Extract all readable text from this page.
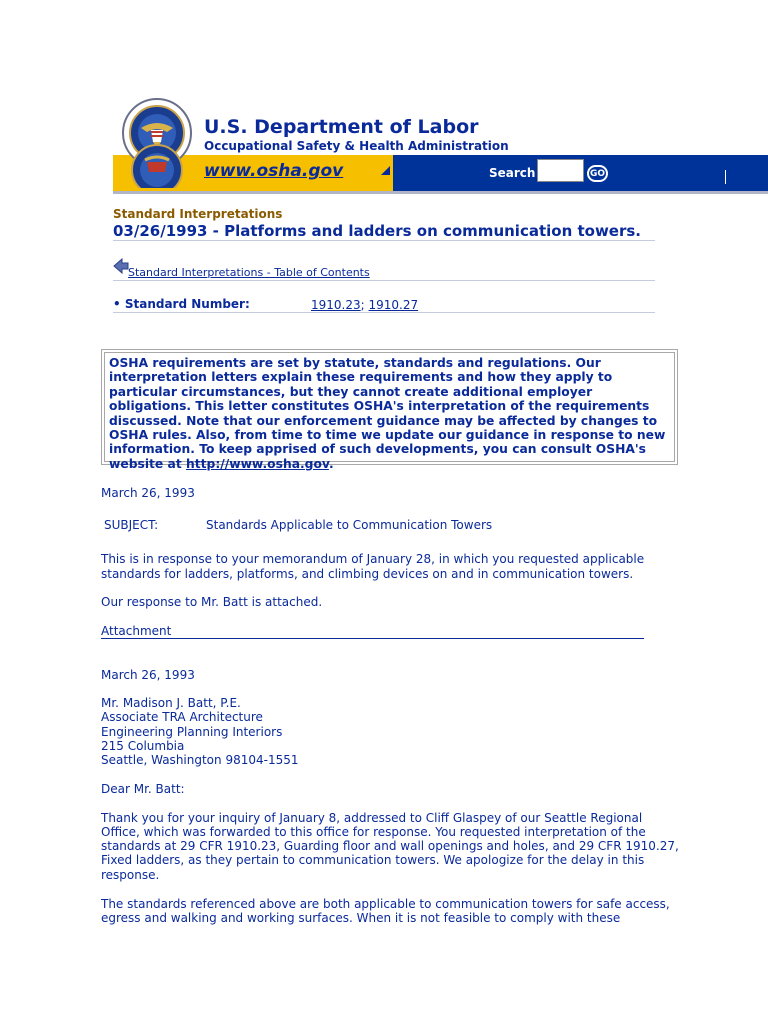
U.S. Department of Labor
Occupational Safety & Health Administration
www.osha.gov	Search	GO
Standard Interpretations
03/26/1993 - Platforms and ladders on communication towers.
Standard Interpretations - Table of Contents
• Standard Number:	1910.23; 1910.27
OSHA requirements are set by statute, standards and regulations. Our interpretation letters explain these requirements and how they apply to particular circumstances, but they cannot create additional employer obligations. This letter constitutes OSHA's interpretation of the requirements discussed. Note that our enforcement guidance may be affected by changes to OSHA rules. Also, from time to time we update our guidance in response to new information. To keep apprised of such developments, you can consult OSHA's website at http://www.osha.gov.
March 26, 1993
SUBJECT:	Standards Applicable to Communication Towers
This is in response to your memorandum of January 28, in which you requested applicable
standards for ladders, platforms, and climbing devices on and in communication towers.
Our response to Mr. Batt is attached.
Attachment
March 26, 1993
Mr. Madison J. Batt, P.E.
Associate TRA Architecture
Engineering Planning Interiors
215 Columbia
Seattle, Washington 98104-1551
Dear Mr. Batt:
Thank you for your inquiry of January 8, addressed to Cliff Glaspey of our Seattle Regional
Office, which was forwarded to this office for response. You requested interpretation of the
standards at 29 CFR 1910.23, Guarding floor and wall openings and holes, and 29 CFR 1910.27,
Fixed ladders, as they pertain to communication towers. We apologize for the delay in this
response.
The standards referenced above are both applicable to communication towers for safe access,
egress and walking and working surfaces. When it is not feasible to comply with these
